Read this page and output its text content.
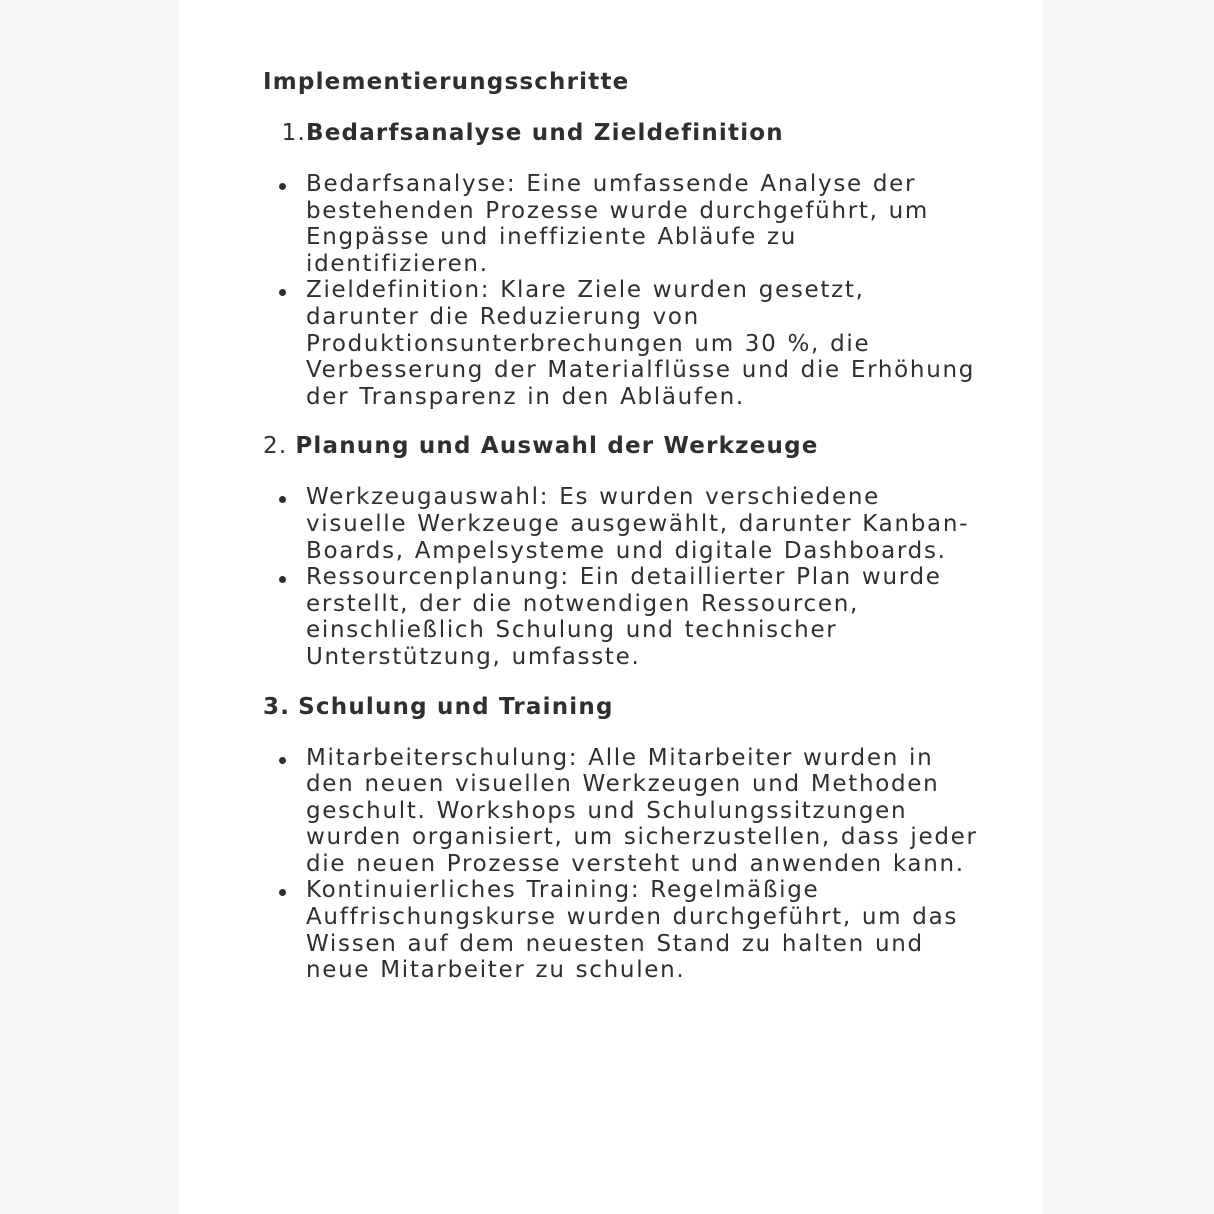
Implementierungsschritte
1. Bedarfsanalyse und Zieldefinition
Bedarfsanalyse: Eine umfassende Analyse der bestehenden Prozesse wurde durchgeführt, um Engpässe und ineffiziente Abläufe zu identifizieren.
Zieldefinition: Klare Ziele wurden gesetzt, darunter die Reduzierung von Produktionsunterbrechungen um 30 %, die Verbesserung der Materialflüsse und die Erhöhung der Transparenz in den Abläufen.
2. Planung und Auswahl der Werkzeuge
Werkzeugauswahl: Es wurden verschiedene visuelle Werkzeuge ausgewählt, darunter Kanban-Boards, Ampelsysteme und digitale Dashboards.
Ressourcenplanung: Ein detaillierter Plan wurde erstellt, der die notwendigen Ressourcen, einschließlich Schulung und technischer Unterstützung, umfasste.
3. Schulung und Training
Mitarbeiterschulung: Alle Mitarbeiter wurden in den neuen visuellen Werkzeugen und Methoden geschult. Workshops und Schulungssitzungen wurden organisiert, um sicherzustellen, dass jeder die neuen Prozesse versteht und anwenden kann.
Kontinuierliches Training: Regelmäßige Auffrischungskurse wurden durchgeführt, um das Wissen auf dem neuesten Stand zu halten und neue Mitarbeiter zu schulen.
